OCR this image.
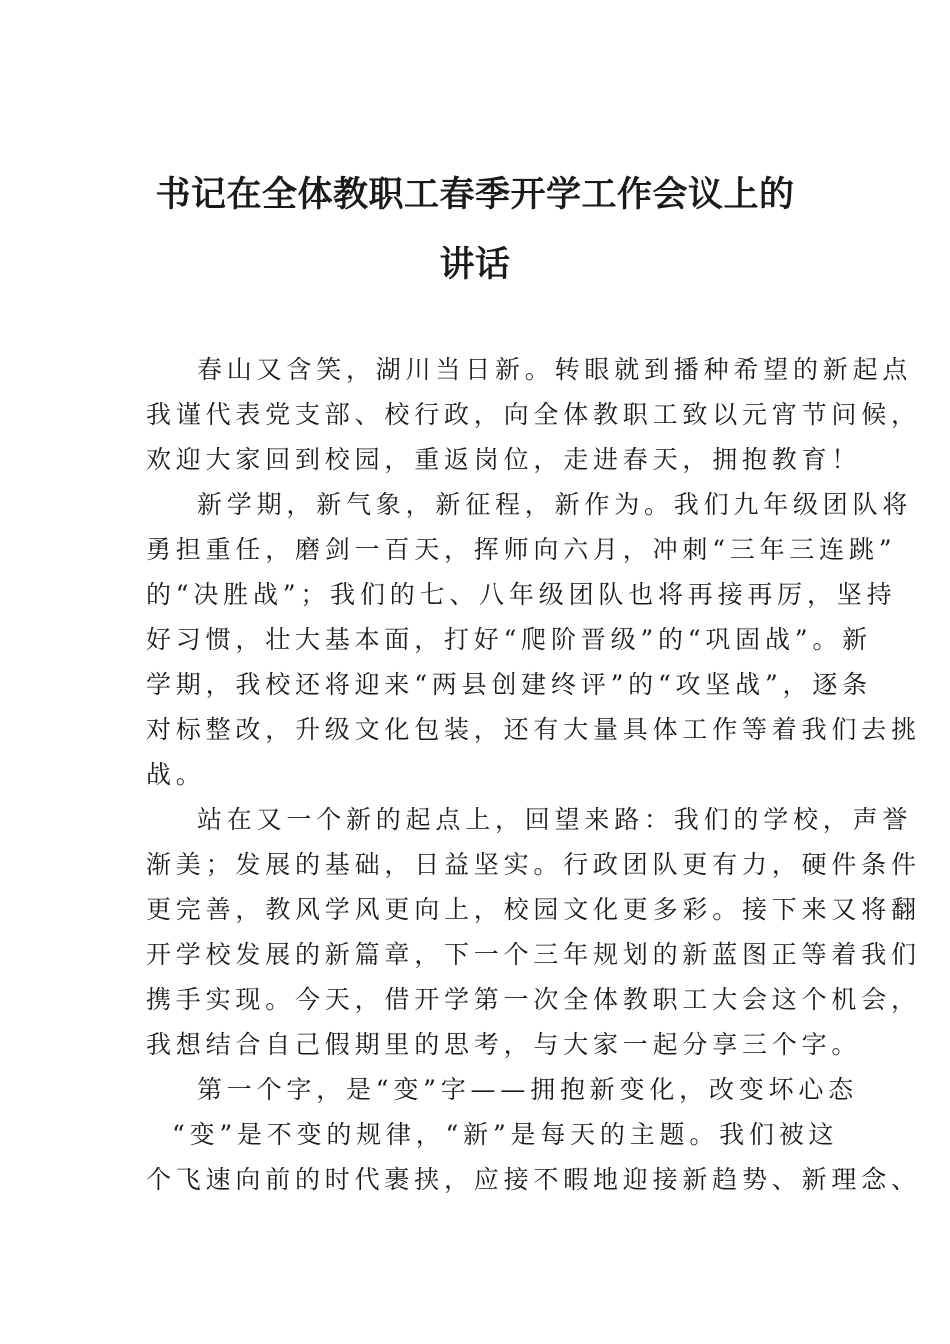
书记在全体教职工春季开学工作会议上的
讲话
春山又含笑，湖川当日新。转眼就到播种希望的新起点
我谨代表党支部、校行政，向全体教职工致以元宵节问候，
欢迎大家回到校园，重返岗位，走进春天，拥抱教育！
新学期，新气象，新征程，新作为。我们九年级团队将
勇担重任，磨剑一百天，挥师向六月，冲刺“三年三连跳”
的“决胜战”；我们的七、八年级团队也将再接再厉，坚持
好习惯，壮大基本面，打好“爬阶晋级”的“巩固战”。新
学期，我校还将迎来“两县创建终评”的“攻坚战”，逐条
对标整改，升级文化包装，还有大量具体工作等着我们去挑
战。
站在又一个新的起点上，回望来路：我们的学校，声誉
渐美；发展的基础，日益坚实。行政团队更有力，硬件条件
更完善，教风学风更向上，校园文化更多彩。接下来又将翻
开学校发展的新篇章，下一个三年规划的新蓝图正等着我们
携手实现。今天，借开学第一次全体教职工大会这个机会，
我想结合自己假期里的思考，与大家一起分享三个字。
第一个字，是“变”字——拥抱新变化，改变坏心态
“变”是不变的规律，“新”是每天的主题。我们被这
个飞速向前的时代裹挟，应接不暇地迎接新趋势、新理念、
